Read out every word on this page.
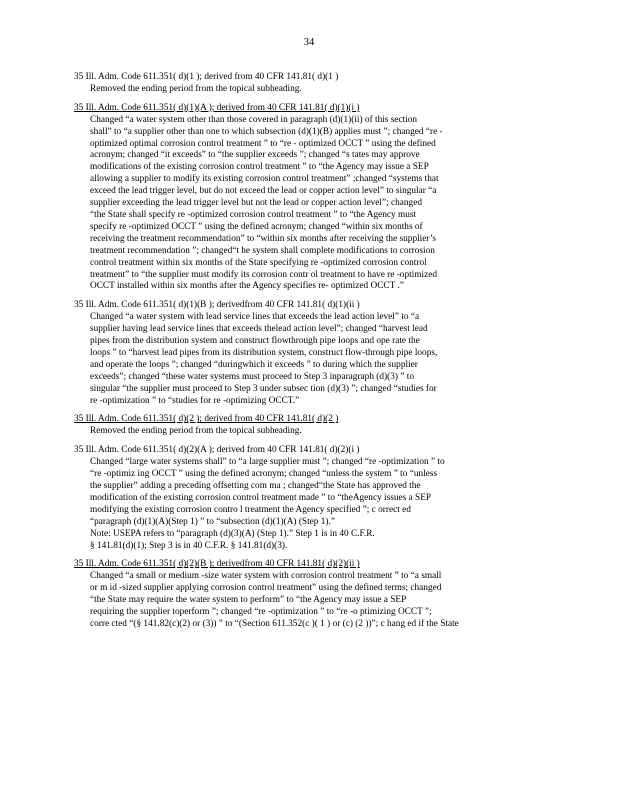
34
35 Ill. Adm. Code 611.351( d)(1 ); derived from 40 CFR 141.81( d)(1 )
Removed the ending period from the topical subheading.
35 Ill. Adm. Code 611.351( d)(1)(A ); derived from 40 CFR 141.81( d)(1)(i )
Changed “a water system other than those covered in paragraph (d)(1)(ii) of this section
shall” to “a supplier other than one to which subsection (d)(1)(B) applies must ”; changed “re -
optimized optimal corrosion control treatment ” to “re - optimized OCCT ” using the defined
acronym; changed “it exceeds” to “the supplier exceeds ”; changed “s tates may approve
modifications of the existing corrosion control treatment ” to “the Agency may issue a SEP
allowing a supplier to modify its existing corrosion control treatment” ;changed “systems that
exceed the lead trigger level, but do not exceed the lead or copper action level” to singular “a
supplier exceeding the lead trigger level but not the lead or copper action level”; changed
“the State shall specify re -optimized corrosion control treatment ” to “the Agency must
specify re -optimized OCCT ” using the defined acronym; changed “within six months of
receiving the treatment recommendation” to “within six months after receiving the supplier’s
treatment recommendation ”; changed“t he system shall complete modifications to corrosion
control treatment within six months of the State specifying re -optimized corrosion control
treatment” to “the supplier must modify its corrosion contr ol treatment to have re -optimized
OCCT installed within six months after the Agency specifies re- optimized OCCT .”
35 Ill. Adm. Code 611.351( d)(1)(B ); derivedfrom 40 CFR 141.81( d)(1)(ii )
Changed “a water system with lead service lines that exceeds the lead action level” to “a
supplier having lead service lines that exceeds thelead action level”; changed “harvest lead
pipes from the distribution system and construct flowthrough pipe loops and ope rate the
loops ” to “harvest lead pipes from its distribution system, construct flow-through pipe loops,
and operate the loops ”; changed “duringwhich it exceeds ” to during which the supplier
exceeds”; changed “these water systems must proceed to Step 3 inparagraph (d)(3) ” to
singular “the supplier must proceed to Step 3 under subsec tion (d)(3) ”; changed “studies for
re -optimization ” to “studies for re -optimizing OCCT.”
35 Ill. Adm. Code 611.351( d)(2 ); derived from 40 CFR 141.81( d)(2 )
Removed the ending period from the topical subheading.
35 Ill. Adm. Code 611.351( d)(2)(A ); derived from 40 CFR 141.81( d)(2)(i )
Changed “large water systems shall” to “a large supplier must ”; changed “re -optimization ” to
“re -optimiz ing OCCT ” using the defined acronym; changed “unless the system ” to “unless
the supplier” adding a preceding offsetting com ma ; changed“the State has approved the
modification of the existing corrosion control treatment made ” to “theAgency issues a SEP
modifying the existing corrosion contro l treatment the Agency specified ”; c orrect ed
“paragraph (d)(1)(A)(Step 1) ” to “subsection (d)(1)(A) (Step 1).”
Note: USEPA refers to “paragraph (d)(3)(A) (Step 1).” Step 1 is in 40 C.F.R.
§ 141.81(d)(1); Step 3 is in 40 C.F.R. § 141.81(d)(3).
35 Ill. Adm. Code 611.351( d)(2)(B ); derivedfrom 40 CFR 141.81( d)(2)(ii )
Changed “a small or medium -size water system with corrosion control treatment ” to “a small
or m id -sized supplier applying corrosion control treatment” using the defined terms; changed
“the State may require the water system to perform” to “the Agency may issue a SEP
requiring the supplier toperform ”; changed “re -optimization ” to “re -o ptimizing OCCT ”;
corre cted “(§ 141.82(c)(2) or (3)) ” to “(Section 611.352(c )( 1 ) or (c) (2 ))”; c hang ed if the State
